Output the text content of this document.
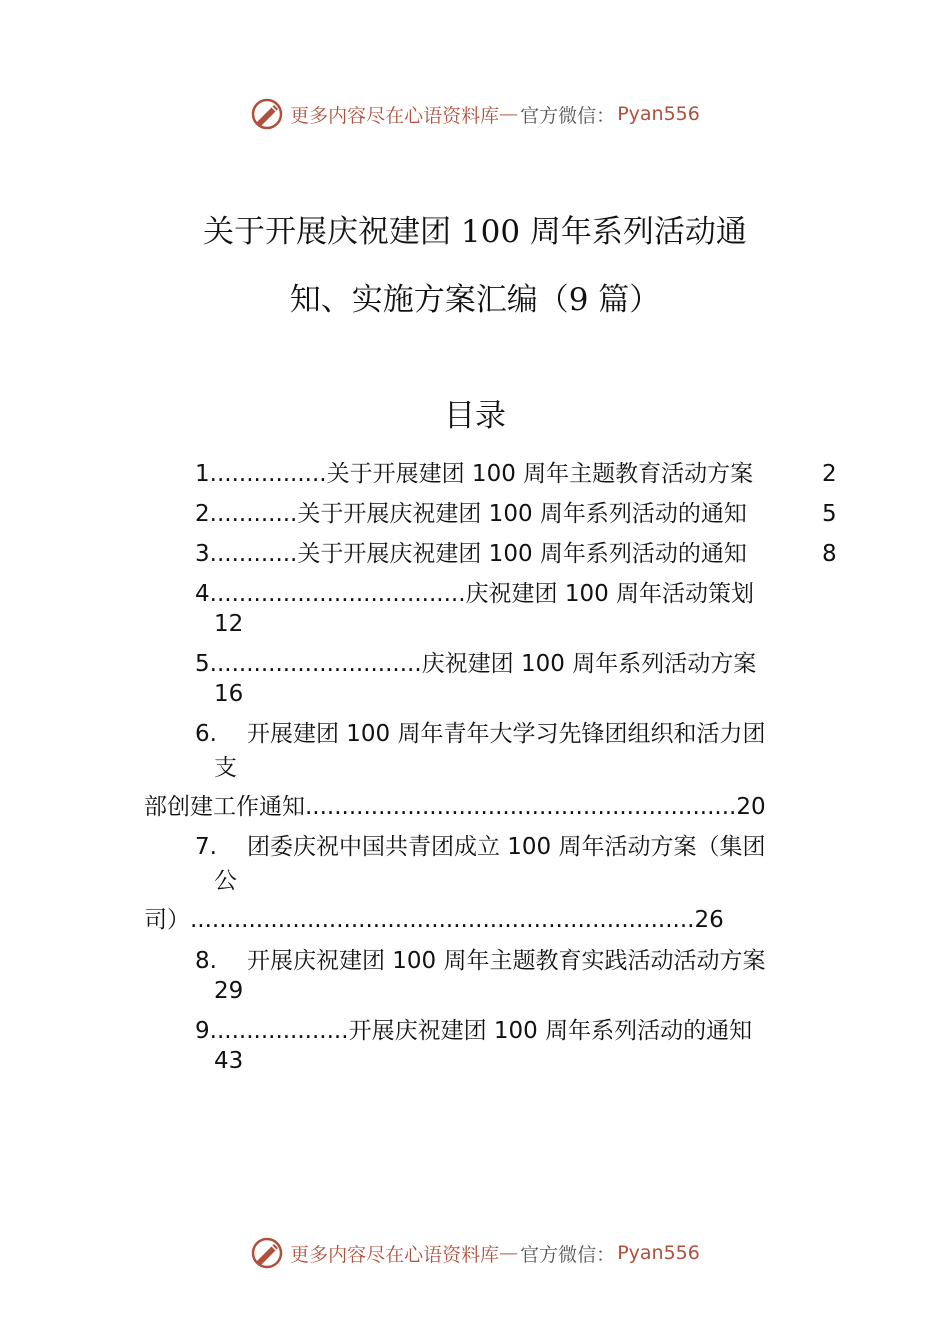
更多内容尽在心语资料库 — 官方微信： Pyan556
关于开展庆祝建团 100 周年系列活动通
知、实施方案汇编（9 篇）
目录
1................关于开展建团 100 周年主题教育活动方案	2
2............关于开展庆祝建团 100 周年系列活动的通知	5
3............关于开展庆祝建团 100 周年系列活动的通知	8
4...................................庆祝建团 100 周年活动策划
12
5.............................庆祝建团 100 周年系列活动方案
16
6. 开展建团 100 周年青年大学习先锋团组织和活力团
支
部创建工作通知...........................................................20
7. 团委庆祝中国共青团成立 100 周年活动方案（集团
公
司）.....................................................................26
8. 开展庆祝建团 100 周年主题教育实践活动活动方案
29
9...................开展庆祝建团 100 周年系列活动的通知
43
更多内容尽在心语资料库 — 官方微信： Pyan556
